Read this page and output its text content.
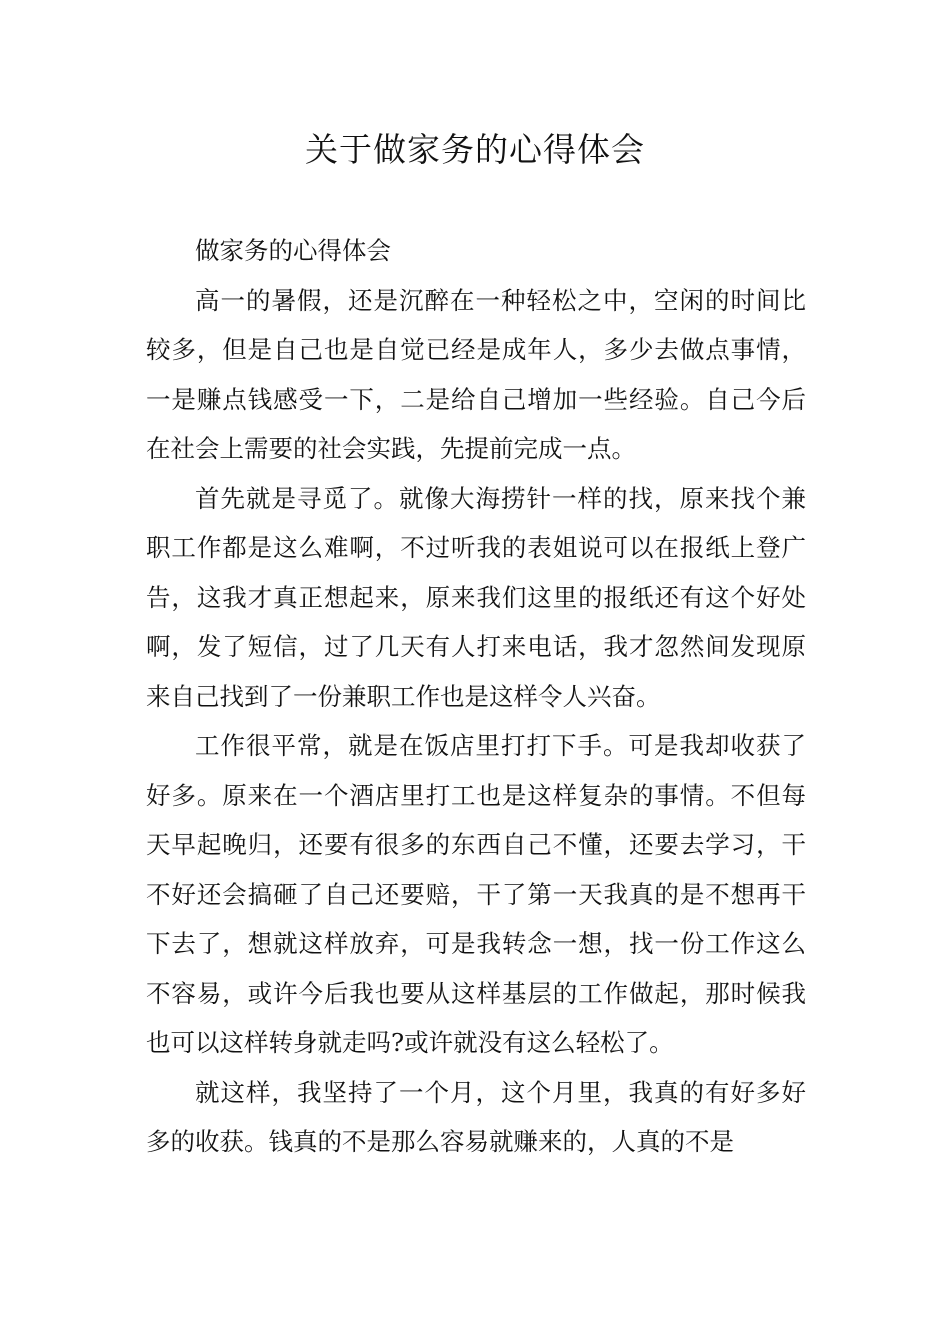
关于做家务的心得体会

做家务的心得体会

高一的暑假，还是沉醉在一种轻松之中，空闲的时间比较多，但是自己也是自觉已经是成年人，多少去做点事情，一是赚点钱感受一下，二是给自己增加一些经验。自己今后在社会上需要的社会实践，先提前完成一点。

首先就是寻觅了。就像大海捞针一样的找，原来找个兼职工作都是这么难啊，不过听我的表姐说可以在报纸上登广告，这我才真正想起来，原来我们这里的报纸还有这个好处啊，发了短信，过了几天有人打来电话，我才忽然间发现原来自己找到了一份兼职工作也是这样令人兴奋。

工作很平常，就是在饭店里打打下手。可是我却收获了好多。原来在一个酒店里打工也是这样复杂的事情。不但每天早起晚归，还要有很多的东西自己不懂，还要去学习，干不好还会搞砸了自己还要赔，干了第一天我真的是不想再干下去了，想就这样放弃，可是我转念一想，找一份工作这么不容易，或许今后我也要从这样基层的工作做起，那时候我也可以这样转身就走吗?或许就没有这么轻松了。

就这样，我坚持了一个月，这个月里，我真的有好多好多的收获。钱真的不是那么容易就赚来的，人真的不是
